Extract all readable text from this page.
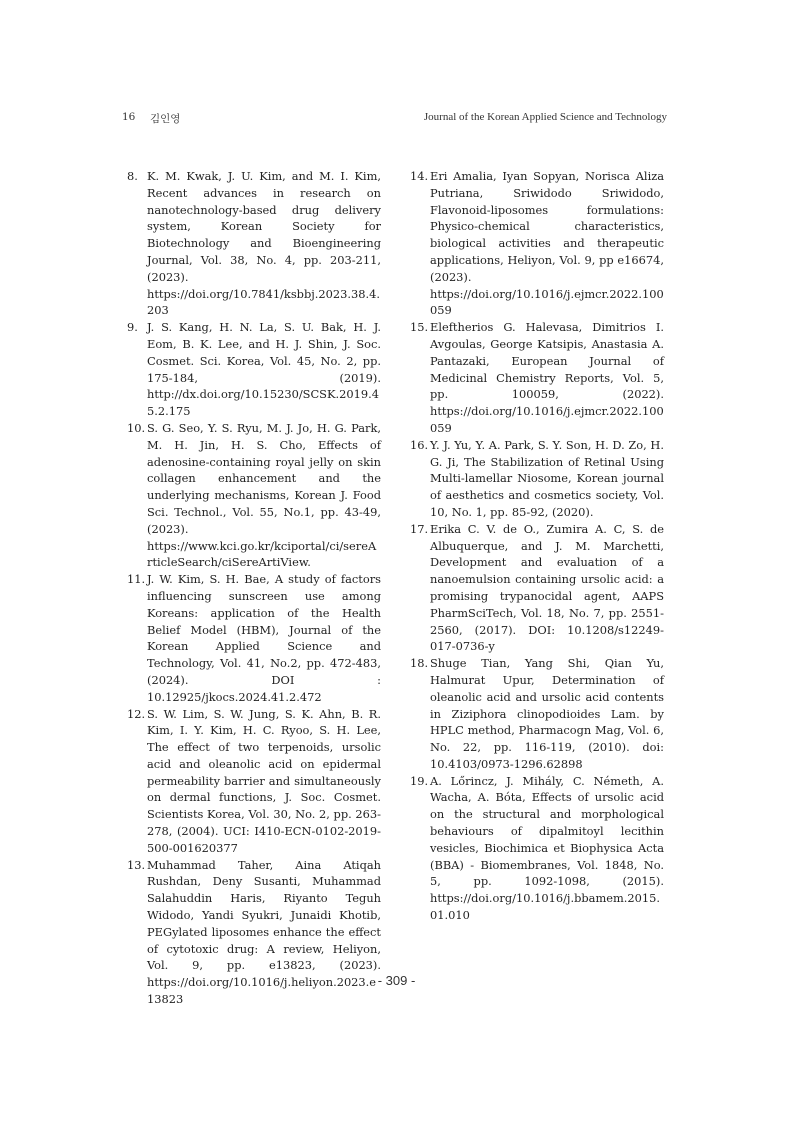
16 김인영	Journal of the Korean Applied Science and Technology
8. K. M. Kwak, J. U. Kim, and M. I. Kim, Recent advances in research on nanotechnology-based drug delivery system, Korean Society for Biotechnology and Bioengineering Journal, Vol. 38, No. 4, pp. 203-211, (2023). https://doi.org/10.7841/ksbbj.2023.38.4.203
9. J. S. Kang, H. N. La, S. U. Bak, H. J. Eom, B. K. Lee, and H. J. Shin, J. Soc. Cosmet. Sci. Korea, Vol. 45, No. 2, pp. 175-184, (2019). http://dx.doi.org/10.15230/SCSK.2019.45.2.175
10. S. G. Seo, Y. S. Ryu, M. J. Jo, H. G. Park, M. H. Jin, H. S. Cho, Effects of adenosine-containing royal jelly on skin collagen enhancement and the underlying mechanisms, Korean J. Food Sci. Technol., Vol. 55, No.1, pp. 43-49, (2023). https://www.kci.go.kr/kciportal/ci/sereArticleSearch/ciSereArtiView.
11. J. W. Kim, S. H. Bae, A study of factors influencing sunscreen use among Koreans: application of the Health Belief Model (HBM), Journal of the Korean Applied Science and Technology, Vol. 41, No.2, pp. 472-483, (2024). DOI : 10.12925/jkocs.2024.41.2.472
12. S. W. Lim, S. W. Jung, S. K. Ahn, B. R. Kim, I. Y. Kim, H. C. Ryoo, S. H. Lee, The effect of two terpenoids, ursolic acid and oleanolic acid on epidermal permeability barrier and simultaneously on dermal functions, J. Soc. Cosmet. Scientists Korea, Vol. 30, No. 2, pp. 263-278, (2004). UCI: I410-ECN-0102-2019-500-001620377
13. Muhammad Taher, Aina Atiqah Rushdan, Deny Susanti, Muhammad Salahuddin Haris, Riyanto Teguh Widodo, Yandi Syukri, Junaidi Khotib, PEGylated liposomes enhance the effect of cytotoxic drug: A review, Heliyon, Vol. 9, pp. e13823, (2023). https://doi.org/10.1016/j.heliyon.2023.e13823
14. Eri Amalia, Iyan Sopyan, Norisca Aliza Putriana, Sriwidodo Sriwidodo, Flavonoid-liposomes formulations: Physico-chemical characteristics, biological activities and therapeutic applications, Heliyon, Vol. 9, pp e16674, (2023). https://doi.org/10.1016/j.ejmcr.2022.100059
15. Eleftherios G. Halevasa, Dimitrios I. Avgoulas, George Katsipis, Anastasia A. Pantazaki, European Journal of Medicinal Chemistry Reports, Vol. 5, pp. 100059, (2022). https://doi.org/10.1016/j.ejmcr.2022.100059
16. Y. J. Yu, Y. A. Park, S. Y. Son, H. D. Zo, H. G. Ji, The Stabilization of Retinal Using Multi-lamellar Niosome, Korean journal of aesthetics and cosmetics society, Vol. 10, No. 1, pp. 85-92, (2020).
17. Erika C. V. de O., Zumira A. C, S. de Albuquerque, and J. M. Marchetti, Development and evaluation of a nanoemulsion containing ursolic acid: a promising trypanocidal agent, AAPS PharmSciTech, Vol. 18, No. 7, pp. 2551-2560, (2017). DOI: 10.1208/s12249-017-0736-y
18. Shuge Tian, Yang Shi, Qian Yu, Halmurat Upur, Determination of oleanolic acid and ursolic acid contents in Ziziphora clinopodioides Lam. by HPLC method, Pharmacogn Mag, Vol. 6, No. 22, pp. 116-119, (2010). doi: 10.4103/0973-1296.62898
19. A. Lőrincz, J. Mihály, C. Németh, A. Wacha, A. Bóta, Effects of ursolic acid on the structural and morphological behaviours of dipalmitoyl lecithin vesicles, Biochimica et Biophysica Acta (BBA) - Biomembranes, Vol. 1848, No. 5, pp. 1092-1098, (2015). https://doi.org/10.1016/j.bbamem.2015.01.010
- 309 -
